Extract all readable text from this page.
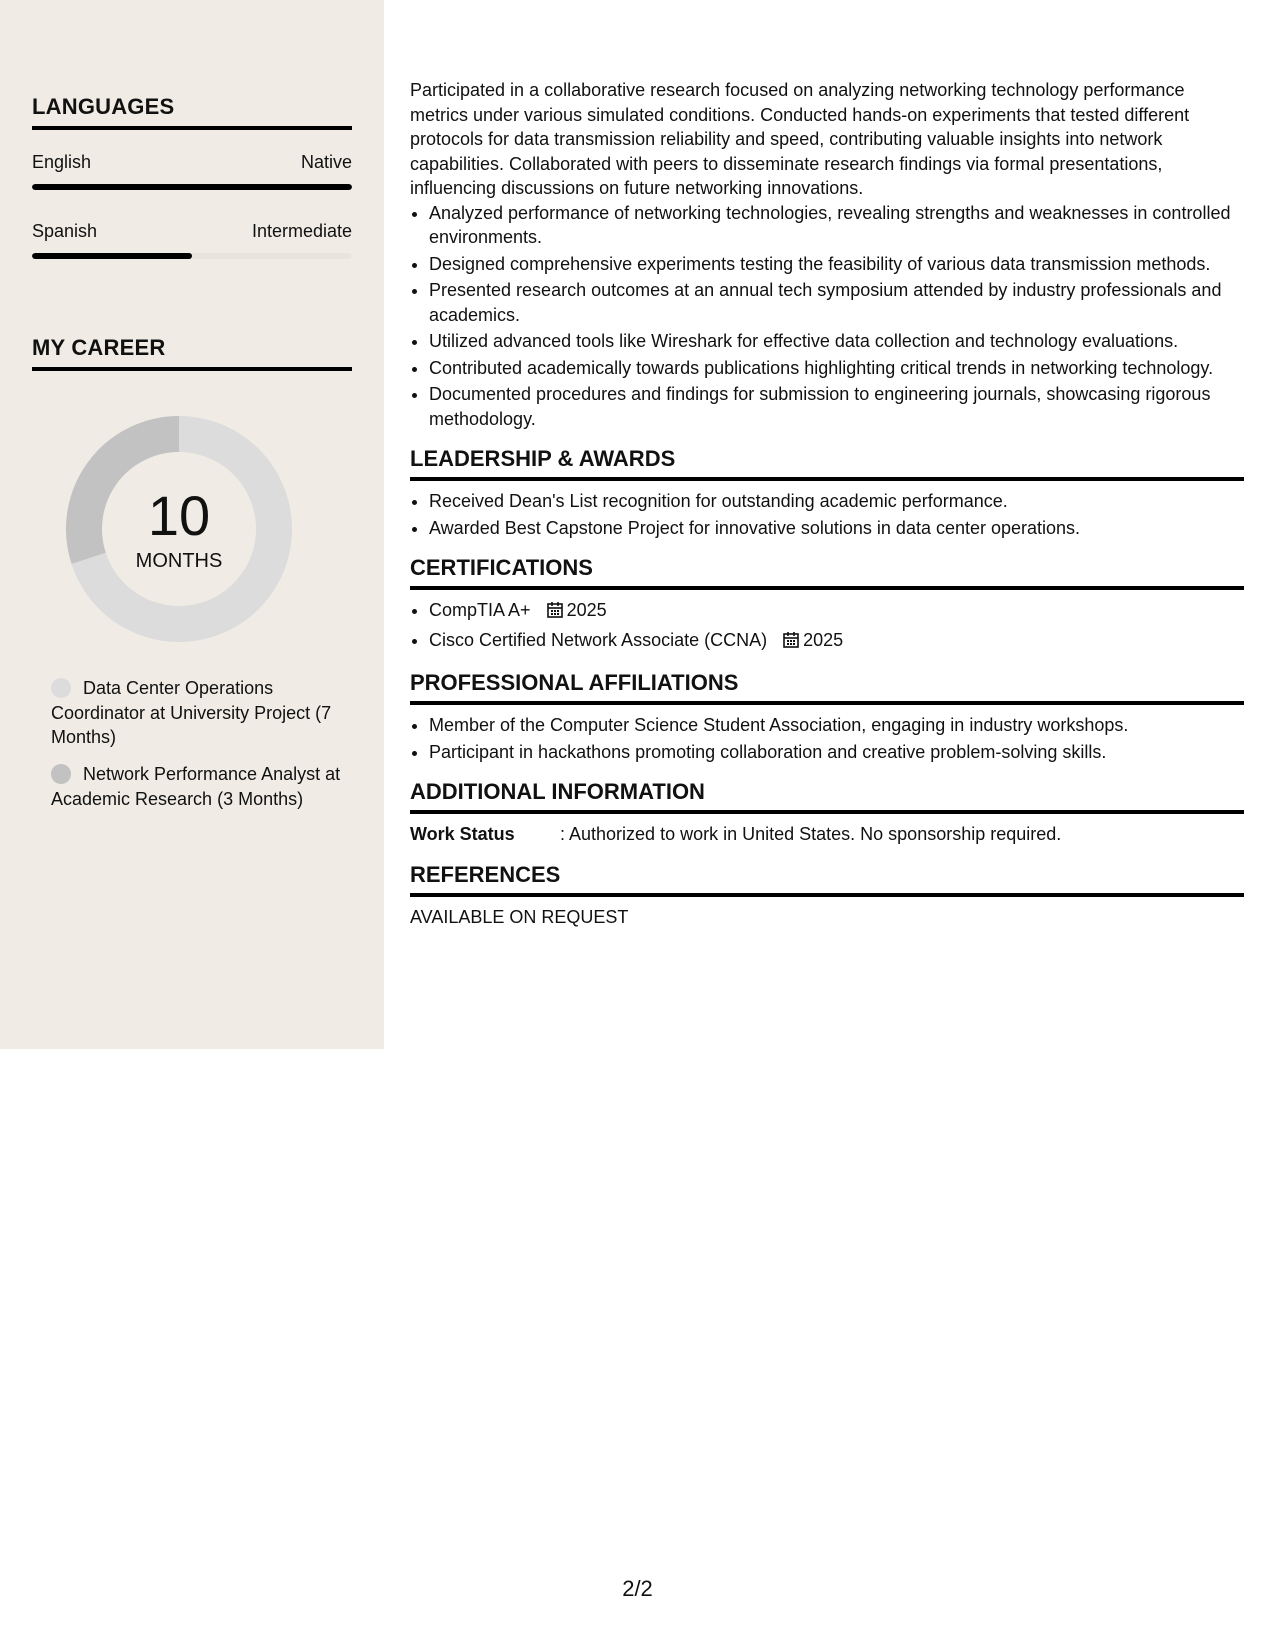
LANGUAGES
English	Native
Spanish	Intermediate
MY CAREER
10
MONTHS
Data Center Operations Coordinator at University Project (7 Months)
Network Performance Analyst at Academic Research (3 Months)

Participated in a collaborative research focused on analyzing networking technology performance metrics under various simulated conditions. Conducted hands-on experiments that tested different protocols for data transmission reliability and speed, contributing valuable insights into network capabilities. Collaborated with peers to disseminate research findings via formal presentations, influencing discussions on future networking innovations.

• Analyzed performance of networking technologies, revealing strengths and weaknesses in controlled environments.
• Designed comprehensive experiments testing the feasibility of various data transmission methods.
• Presented research outcomes at an annual tech symposium attended by industry professionals and academics.
• Utilized advanced tools like Wireshark for effective data collection and technology evaluations.
• Contributed academically towards publications highlighting critical trends in networking technology.
• Documented procedures and findings for submission to engineering journals, showcasing rigorous methodology.
LEADERSHIP & AWARDS
• Received Dean's List recognition for outstanding academic performance.
• Awarded Best Capstone Project for innovative solutions in data center operations.
CERTIFICATIONS
• CompTIA A+ 2025
• Cisco Certified Network Associate (CCNA) 2025
PROFESSIONAL AFFILIATIONS
• Member of the Computer Science Student Association, engaging in industry workshops.
• Participant in hackathons promoting collaboration and creative problem-solving skills.
ADDITIONAL INFORMATION
Work Status	: Authorized to work in United States. No sponsorship required.
REFERENCES
AVAILABLE ON REQUEST
2/2
